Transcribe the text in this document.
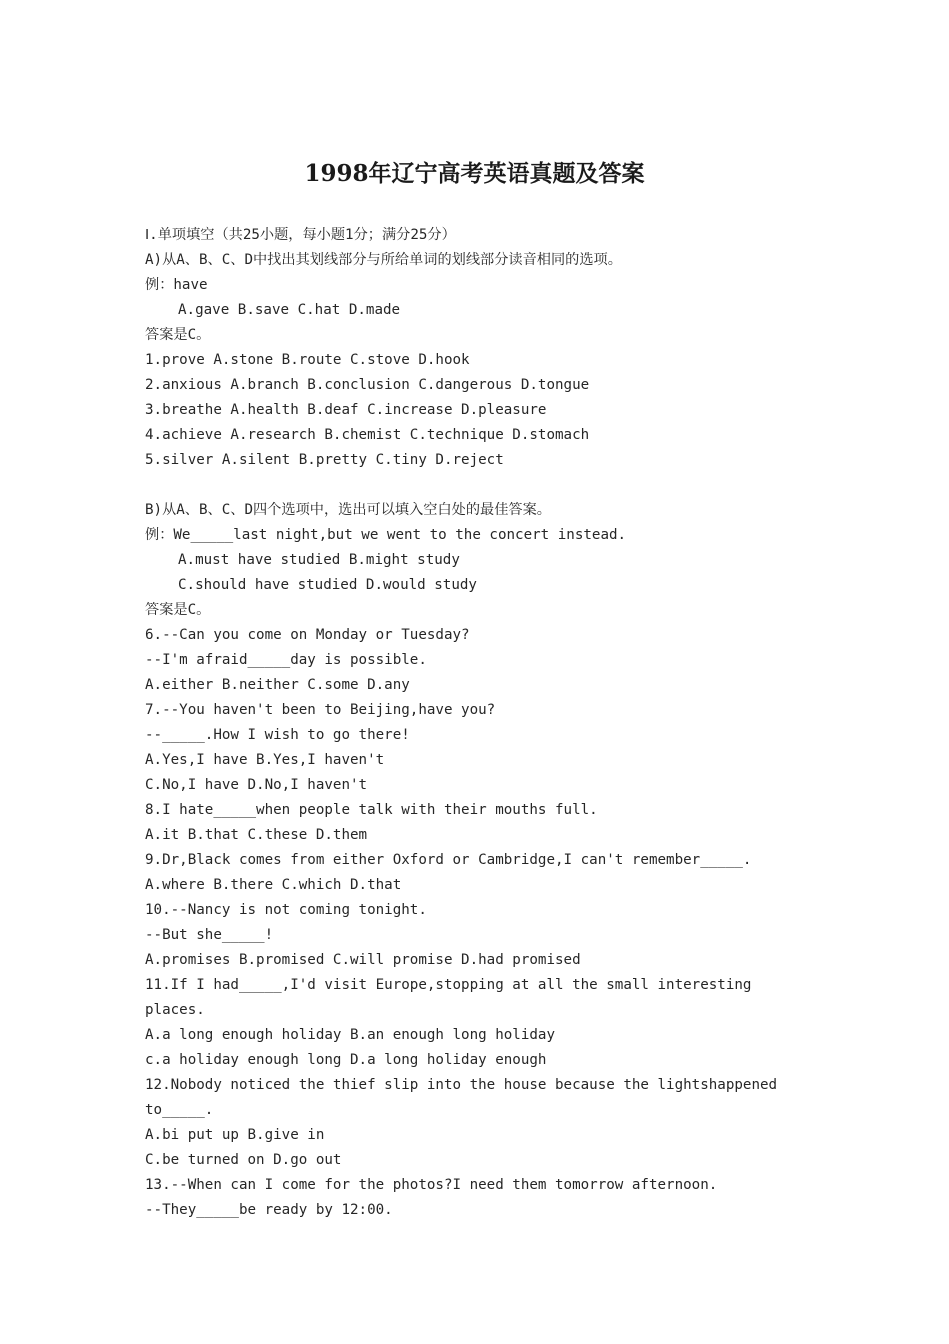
1998年辽宁高考英语真题及答案
Ⅰ.单项填空（共25小题，每小题1分；满分25分）
A)从A、B、C、D中找出其划线部分与所给单词的划线部分读音相同的选项。
例：have
A.gave B.save C.hat D.made
答案是C。
1.prove A.stone B.route C.stove D.hook
2.anxious A.branch B.conclusion C.dangerous D.tongue
3.breathe A.health B.deaf C.increase D.pleasure
4.achieve A.research B.chemist C.technique D.stomach
5.silver A.silent B.pretty C.tiny D.reject
B)从A、B、C、D四个选项中，选出可以填入空白处的最佳答案。
例：We_____last night,but we went to the concert instead.
A.must have studied B.might study
C.should have studied D.would study
答案是C。
6.--Can you come on Monday or Tuesday?
--I'm afraid_____day is possible.
A.either B.neither C.some D.any
7.--You haven't been to Beijing,have you?
--_____.How I wish to go there!
A.Yes,I have B.Yes,I haven't
C.No,I have D.No,I haven't
8.I hate_____when people talk with their mouths full.
A.it B.that C.these D.them
9.Dr,Black comes from either Oxford or Cambridge,I can't remember_____.
A.where B.there C.which D.that
10.--Nancy is not coming tonight.
--But she_____!
A.promises B.promised C.will promise D.had promised
11.If I had_____,I'd visit Europe,stopping at all the small interesting
places.
A.a long enough holiday B.an enough long holiday
c.a holiday enough long D.a long holiday enough
12.Nobody noticed the thief slip into the house because the lightshappened
to_____.
A.bi put up B.give in
C.be turned on D.go out
13.--When can I come for the photos?I need them tomorrow afternoon.
--They_____be ready by 12:00.
